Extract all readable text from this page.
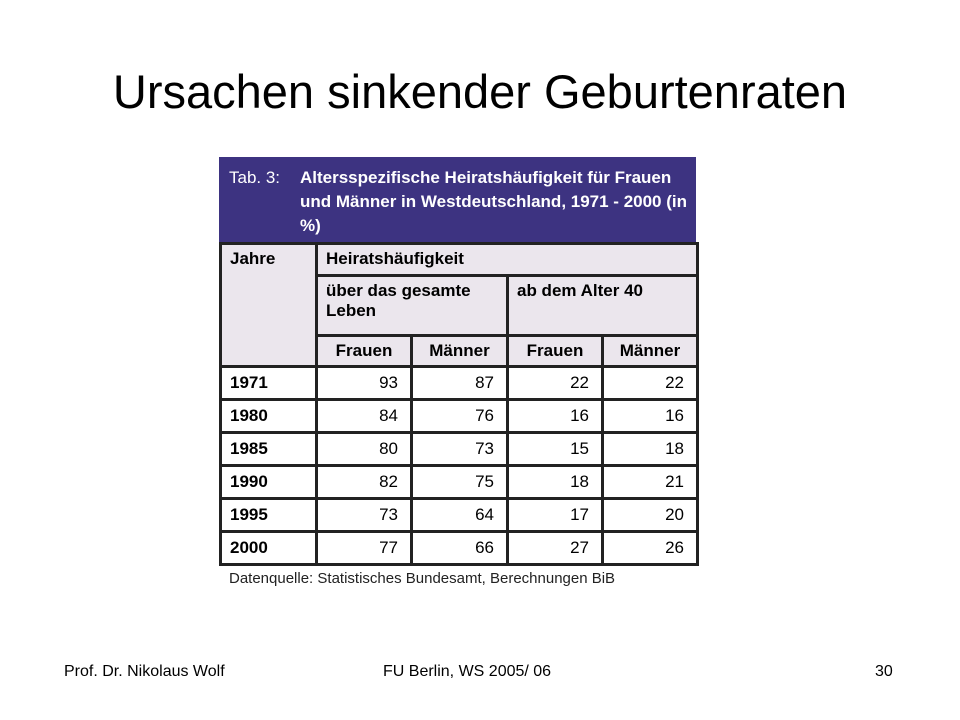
Ursachen sinkender Geburtenraten
Tab. 3: Altersspezifische Heiratshäufigkeit für Frauen und Männer in Westdeutschland, 1971 - 2000 (in %)
Jahre	Heiratshäufigkeit			
	über das gesamte Leben		ab dem Alter 40	
	Frauen	Männer	Frauen	Männer
1971	93	87	22	22
1980	84	76	16	16
1985	80	73	15	18
1990	82	75	18	21
1995	73	64	17	20
2000	77	66	27	26
Datenquelle: Statistisches Bundesamt, Berechnungen BiB
Prof. Dr. Nikolaus Wolf	FU Berlin, WS 2005/ 06	30
